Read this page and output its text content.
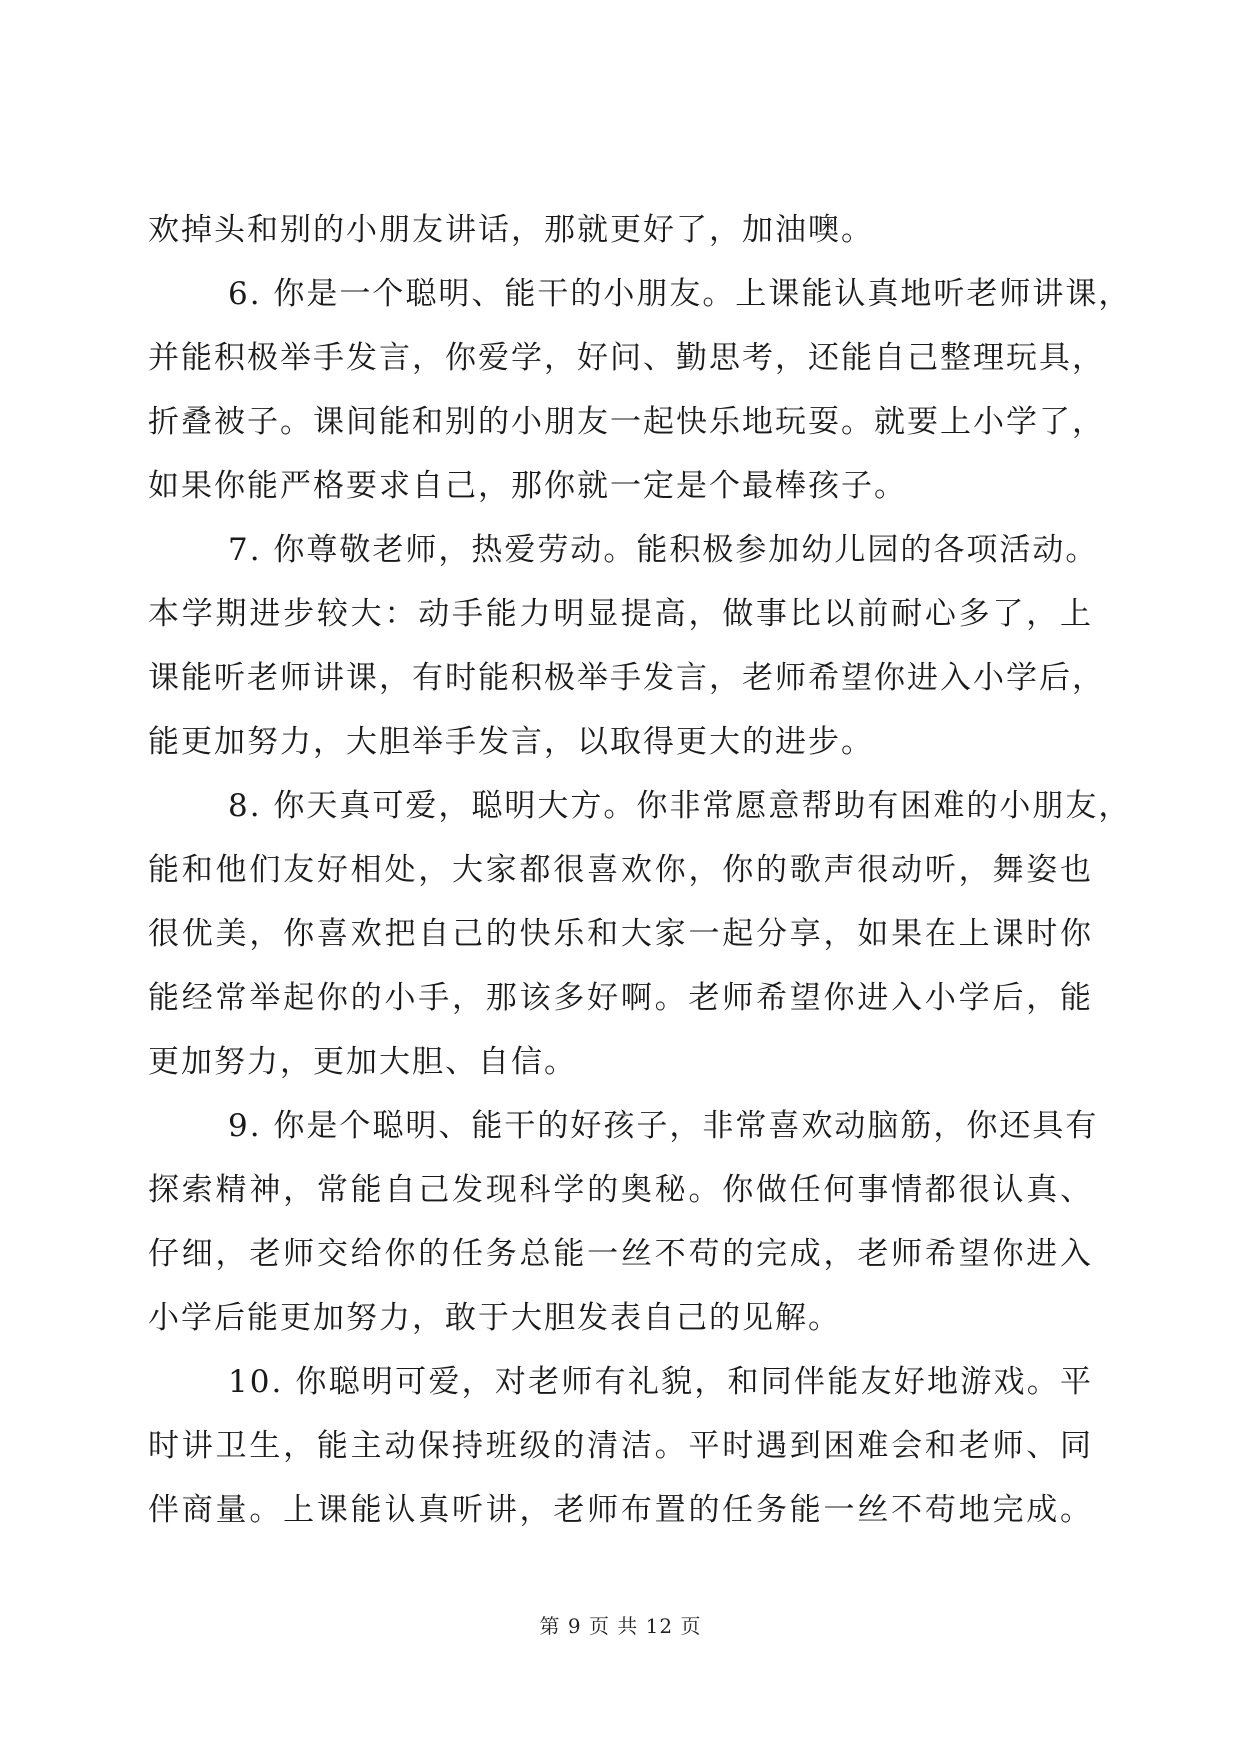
欢掉头和别的小朋友讲话，那就更好了，加油噢。
6. 你是一个聪明、能干的小朋友。上课能认真地听老师讲课，
并能积极举手发言，你爱学，好问、勤思考，还能自己整理玩具，
折叠被子。课间能和别的小朋友一起快乐地玩耍。就要上小学了，
如果你能严格要求自己，那你就一定是个最棒孩子。
7. 你尊敬老师，热爱劳动。能积极参加幼儿园的各项活动。
本学期进步较大：动手能力明显提高，做事比以前耐心多了，上
课能听老师讲课，有时能积极举手发言，老师希望你进入小学后，
能更加努力，大胆举手发言，以取得更大的进步。
8. 你天真可爱，聪明大方。你非常愿意帮助有困难的小朋友，
能和他们友好相处，大家都很喜欢你，你的歌声很动听，舞姿也
很优美，你喜欢把自己的快乐和大家一起分享，如果在上课时你
能经常举起你的小手，那该多好啊。老师希望你进入小学后，能
更加努力，更加大胆、自信。
9. 你是个聪明、能干的好孩子，非常喜欢动脑筋，你还具有
探索精神，常能自己发现科学的奥秘。你做任何事情都很认真、
仔细，老师交给你的任务总能一丝不苟的完成，老师希望你进入
小学后能更加努力，敢于大胆发表自己的见解。
10. 你聪明可爱，对老师有礼貌，和同伴能友好地游戏。平
时讲卫生，能主动保持班级的清洁。平时遇到困难会和老师、同
伴商量。上课能认真听讲，老师布置的任务能一丝不苟地完成。
第 9 页 共 12 页
